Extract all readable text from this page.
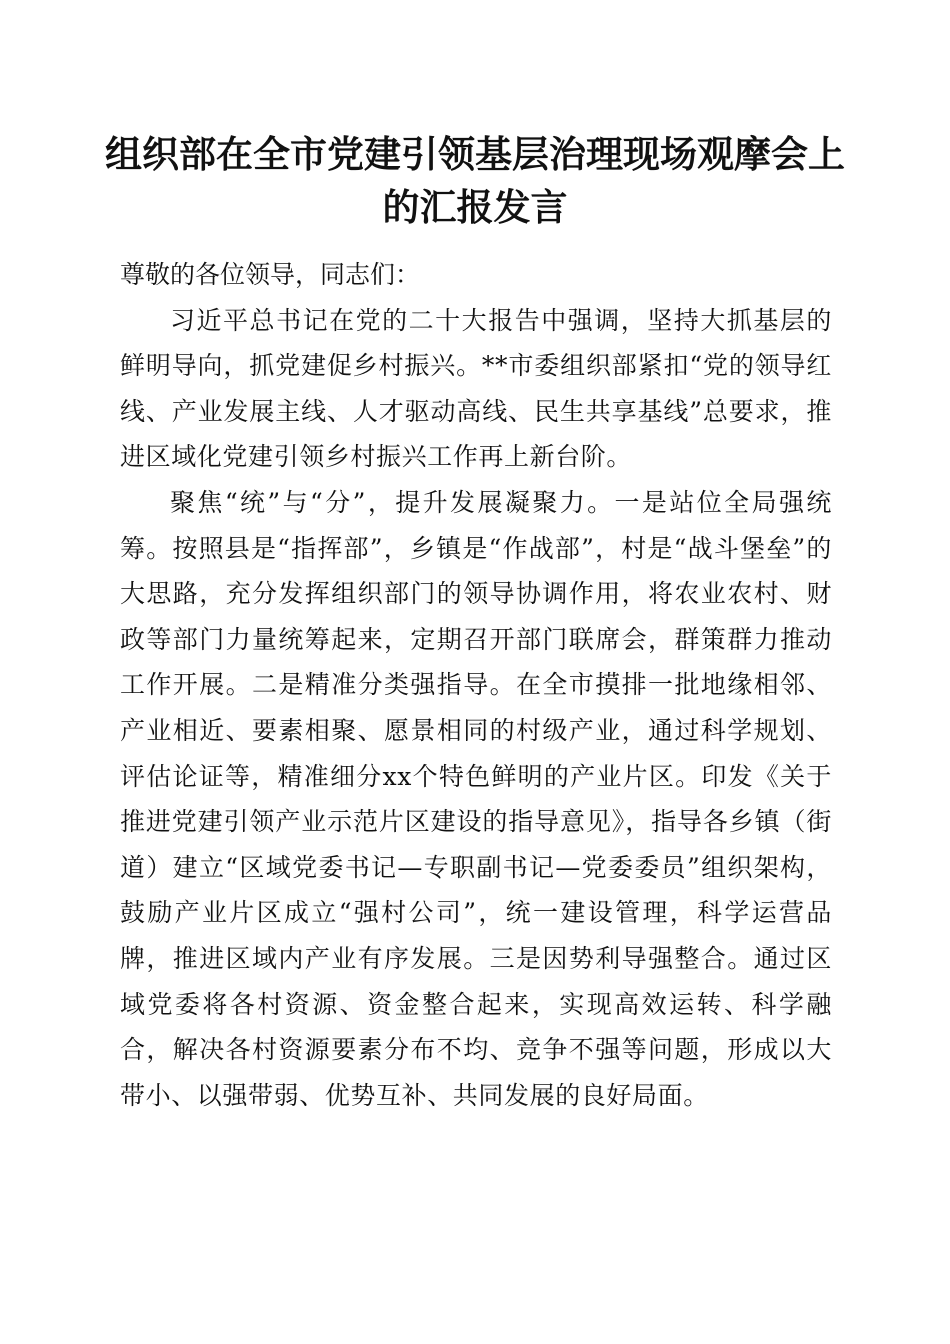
组织部在全市党建引领基层治理现场观摩会上
的汇报发言

尊敬的各位领导，同志们：

习近平总书记在党的二十大报告中强调，坚持大抓基层的鲜明导向，抓党建促乡村振兴。**市委组织部紧扣“党的领导红线、产业发展主线、人才驱动高线、民生共享基线”总要求，推进区域化党建引领乡村振兴工作再上新台阶。

聚焦“统”与“分”，提升发展凝聚力。一是站位全局强统筹。按照县是“指挥部”，乡镇是“作战部”，村是“战斗堡垒”的大思路，充分发挥组织部门的领导协调作用，将农业农村、财政等部门力量统筹起来，定期召开部门联席会，群策群力推动工作开展。二是精准分类强指导。在全市摸排一批地缘相邻、产业相近、要素相聚、愿景相同的村级产业，通过科学规划、评估论证等，精准细分xx个特色鲜明的产业片区。印发《关于推进党建引领产业示范片区建设的指导意见》，指导各乡镇（街道）建立“区域党委书记—专职副书记—党委委员”组织架构，鼓励产业片区成立“强村公司”，统一建设管理，科学运营品牌，推进区域内产业有序发展。三是因势利导强整合。通过区域党委将各村资源、资金整合起来，实现高效运转、科学融合，解决各村资源要素分布不均、竞争不强等问题，形成以大带小、以强带弱、优势互补、共同发展的良好局面。
